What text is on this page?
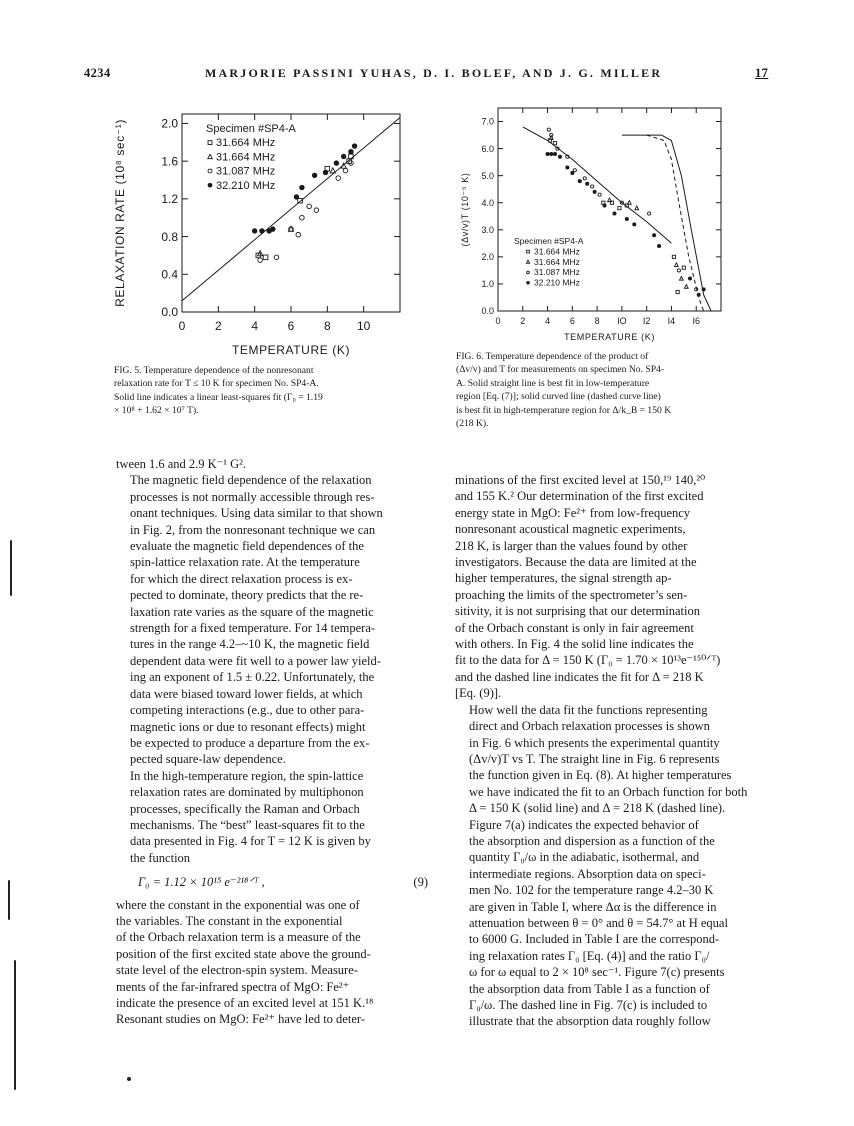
4234	MARJORIE PASSINI YUHAS, D. I. BOLEF, AND J. G. MILLER	17
0 2 4 6 8 10
0.0
0.4
0.8
1.2
1.6
2.0
TEMPERATURE (K)
RELAXATION RATE (10⁸ sec⁻¹)	Specimen #SP4-A
31.664 MHz
31.664 MHz
31.087 MHz
32.210 MHz
FIG. 5. Temperature dependence of the nonresonant
relaxation rate for T ≤ 10 K for specimen No. SP4-A.
Solid line indicates a linear least-squares fit (Γ₀ = 1.19
× 10⁸ + 1.62 × 10⁷ T).
0 2 4 6 8 IO I2 I4 I6
0.0
1.0
2.0
3.0
4.0
5.0
6.0
7.0
TEMPERATURE (K)
(Δv/v)T (10⁻⁵ K)	Specimen #SP4-A
31.664 MHz
31.664 MHz
31.087 MHz
32.210 MHz
FIG. 6. Temperature dependence of the product of
(Δv/v) and T for measurements on specimen No. SP4-
A. Solid straight line is best fit in low-temperature
region [Eq. (7)]; solid curved line (dashed curve line)
is best fit in high-temperature region for Δ/k_B = 150 K
(218 K).

tween 1.6 and 2.9 K⁻¹ G².

The magnetic field dependence of the relaxation
processes is not normally accessible through res-
onant techniques. Using data similar to that shown
in Fig. 2, from the nonresonant technique we can
evaluate the magnetic field dependences of the
spin-lattice relaxation rate. At the temperature
for which the direct relaxation process is ex-
pected to dominate, theory predicts that the re-
laxation rate varies as the square of the magnetic
strength for a fixed temperature. For 14 tempera-
tures in the range 4.2–~10 K, the magnetic field
dependent data were fit well to a power law yield-
ing an exponent of 1.5 ± 0.22. Unfortunately, the
data were biased toward lower fields, at which
competing interactions (e.g., due to other para-
magnetic ions or due to resonant effects) might
be expected to produce a departure from the ex-
pected square-law dependence.

In the high-temperature region, the spin-lattice
relaxation rates are dominated by multiphonon
processes, specifically the Raman and Orbach
mechanisms. The “best” least-squares fit to the
data presented in Fig. 4 for T = 12 K is given by
the function

Γ₀ = 1.12 × 10¹⁵ e⁻²¹⁸ᐟᵀ ,	(9)

where the constant in the exponential was one of
the variables. The constant in the exponential
of the Orbach relaxation term is a measure of the
position of the first excited state above the ground-
state level of the electron-spin system. Measure-
ments of the far-infrared spectra of MgO: Fe²⁺
indicate the presence of an excited level at 151 K.¹⁸
Resonant studies on MgO: Fe²⁺ have led to deter-

minations of the first excited level at 150,¹⁹ 140,²⁰
and 155 K.² Our determination of the first excited
energy state in MgO: Fe²⁺ from low-frequency
nonresonant acoustical magnetic experiments,
218 K, is larger than the values found by other
investigators. Because the data are limited at the
higher temperatures, the signal strength ap-
proaching the limits of the spectrometer’s sen-
sitivity, it is not surprising that our determination
of the Orbach constant is only in fair agreement
with others. In Fig. 4 the solid line indicates the
fit to the data for Δ = 150 K (Γ₀ = 1.70 × 10¹³e⁻¹⁵⁰ᐟᵀ)
and the dashed line indicates the fit for Δ = 218 K
[Eq. (9)].

How well the data fit the functions representing
direct and Orbach relaxation processes is shown
in Fig. 6 which presents the experimental quantity
(Δv/v)T vs T. The straight line in Fig. 6 represents
the function given in Eq. (8). At higher temperatures
we have indicated the fit to an Orbach function for both
Δ = 150 K (solid line) and Δ = 218 K (dashed line).

Figure 7(a) indicates the expected behavior of
the absorption and dispersion as a function of the
quantity Γ₀/ω in the adiabatic, isothermal, and
intermediate regions. Absorption data on speci-
men No. 102 for the temperature range 4.2–30 K
are given in Table I, where Δα is the difference in
attenuation between θ = 0° and θ = 54.7° at H equal
to 6000 G. Included in Table I are the correspond-
ing relaxation rates Γ₀ [Eq. (4)] and the ratio Γ₀/
ω for ω equal to 2 × 10⁸ sec⁻¹. Figure 7(c) presents
the absorption data from Table I as a function of
Γ₀/ω. The dashed line in Fig. 7(c) is included to
illustrate that the absorption data roughly follow
